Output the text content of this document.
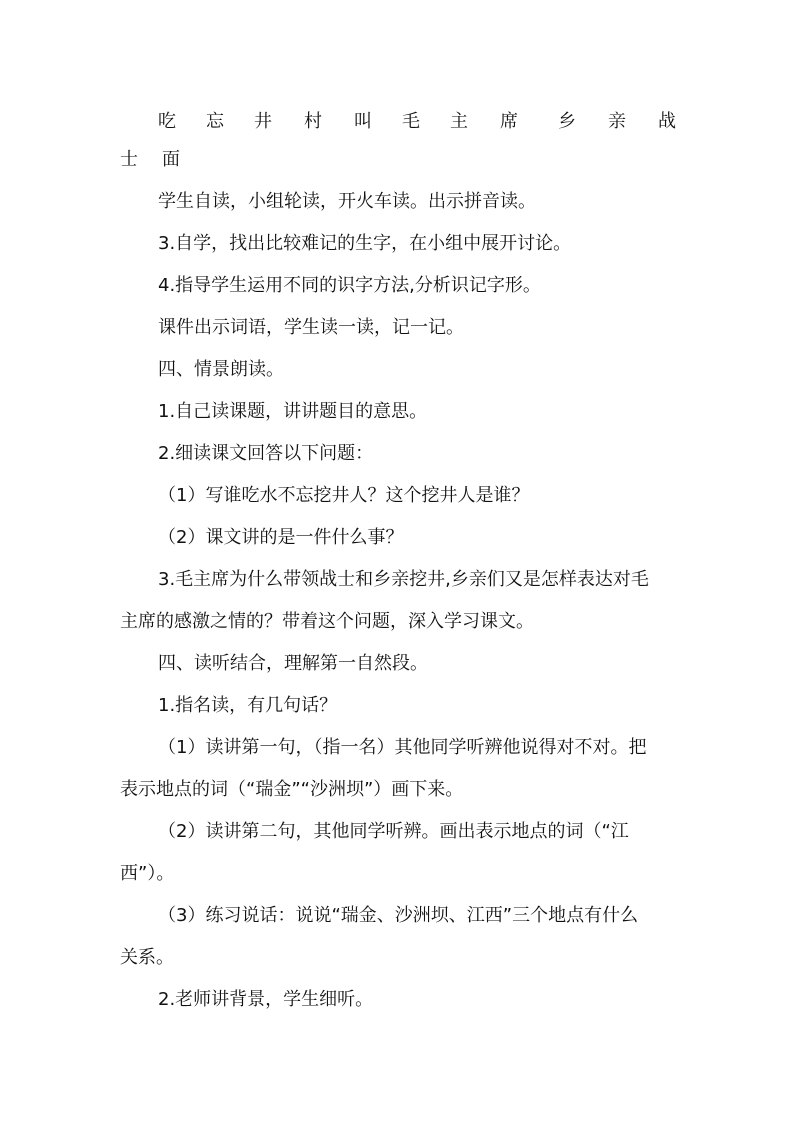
吃 忘 井 村 叫 毛 主 席 乡 亲 战
士 面
学生自读，小组轮读，开火车读。出示拼音读。
3.自学，找出比较难记的生字，在小组中展开讨论。
4.指导学生运用不同的识字方法,分析识记字形。
课件出示词语，学生读一读，记一记。
四、情景朗读。
1.自己读课题，讲讲题目的意思。
2.细读课文回答以下问题：
（1）写谁吃水不忘挖井人？这个挖井人是谁？
（2）课文讲的是一件什么事？
3.毛主席为什么带领战士和乡亲挖井,乡亲们又是怎样表达对毛
主席的感激之情的？带着这个问题，深入学习课文。
四、读听结合，理解第一自然段。
1.指名读，有几句话？
（1）读讲第一句，（指一名）其他同学听辨他说得对不对。把
表示地点的词（“瑞金”“沙洲坝”）画下来。
（2）读讲第二句，其他同学听辨。画出表示地点的词（“江
西”）。
（3）练习说话：说说“瑞金、沙洲坝、江西”三个地点有什么
关系。
2.老师讲背景，学生细听。
